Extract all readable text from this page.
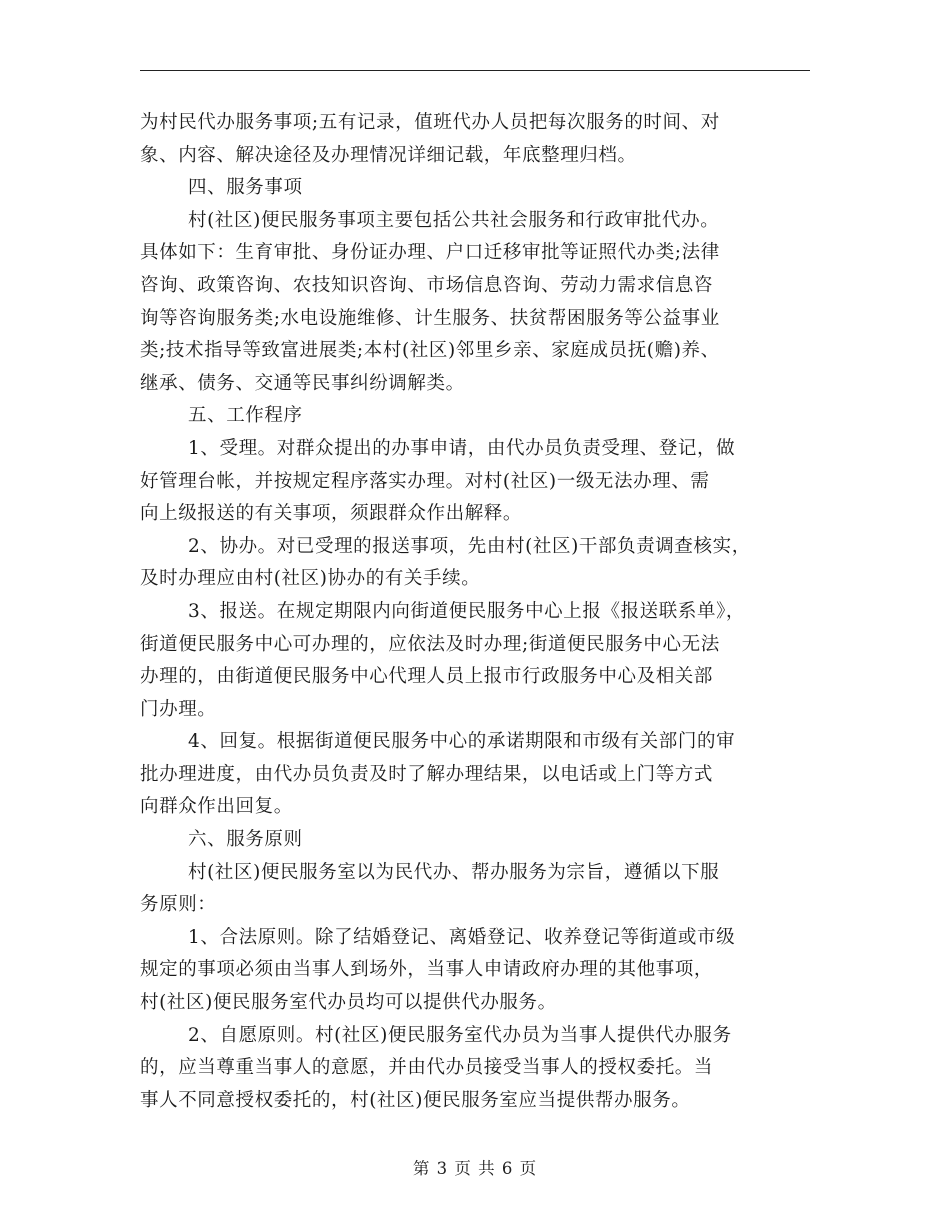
为村民代办服务事项;五有记录，值班代办人员把每次服务的时间、对
象、内容、解决途径及办理情况详细记载，年底整理归档。
四、服务事项
村(社区)便民服务事项主要包括公共社会服务和行政审批代办。
具体如下：生育审批、身份证办理、户口迁移审批等证照代办类;法律
咨询、政策咨询、农技知识咨询、市场信息咨询、劳动力需求信息咨
询等咨询服务类;水电设施维修、计生服务、扶贫帮困服务等公益事业
类;技术指导等致富进展类;本村(社区)邻里乡亲、家庭成员抚(赡)养、
继承、债务、交通等民事纠纷调解类。
五、工作程序
1、受理。对群众提出的办事申请，由代办员负责受理、登记，做
好管理台帐，并按规定程序落实办理。对村(社区)一级无法办理、需
向上级报送的有关事项，须跟群众作出解释。
2、协办。对已受理的报送事项，先由村(社区)干部负责调查核实，
及时办理应由村(社区)协办的有关手续。
3、报送。在规定期限内向街道便民服务中心上报《报送联系单》，
街道便民服务中心可办理的，应依法及时办理;街道便民服务中心无法
办理的，由街道便民服务中心代理人员上报市行政服务中心及相关部
门办理。
4、回复。根据街道便民服务中心的承诺期限和市级有关部门的审
批办理进度，由代办员负责及时了解办理结果，以电话或上门等方式
向群众作出回复。
六、服务原则
村(社区)便民服务室以为民代办、帮办服务为宗旨，遵循以下服
务原则：
1、合法原则。除了结婚登记、离婚登记、收养登记等街道或市级
规定的事项必须由当事人到场外，当事人申请政府办理的其他事项，
村(社区)便民服务室代办员均可以提供代办服务。
2、自愿原则。村(社区)便民服务室代办员为当事人提供代办服务
的，应当尊重当事人的意愿，并由代办员接受当事人的授权委托。当
事人不同意授权委托的，村(社区)便民服务室应当提供帮办服务。
第 3 页 共 6 页
